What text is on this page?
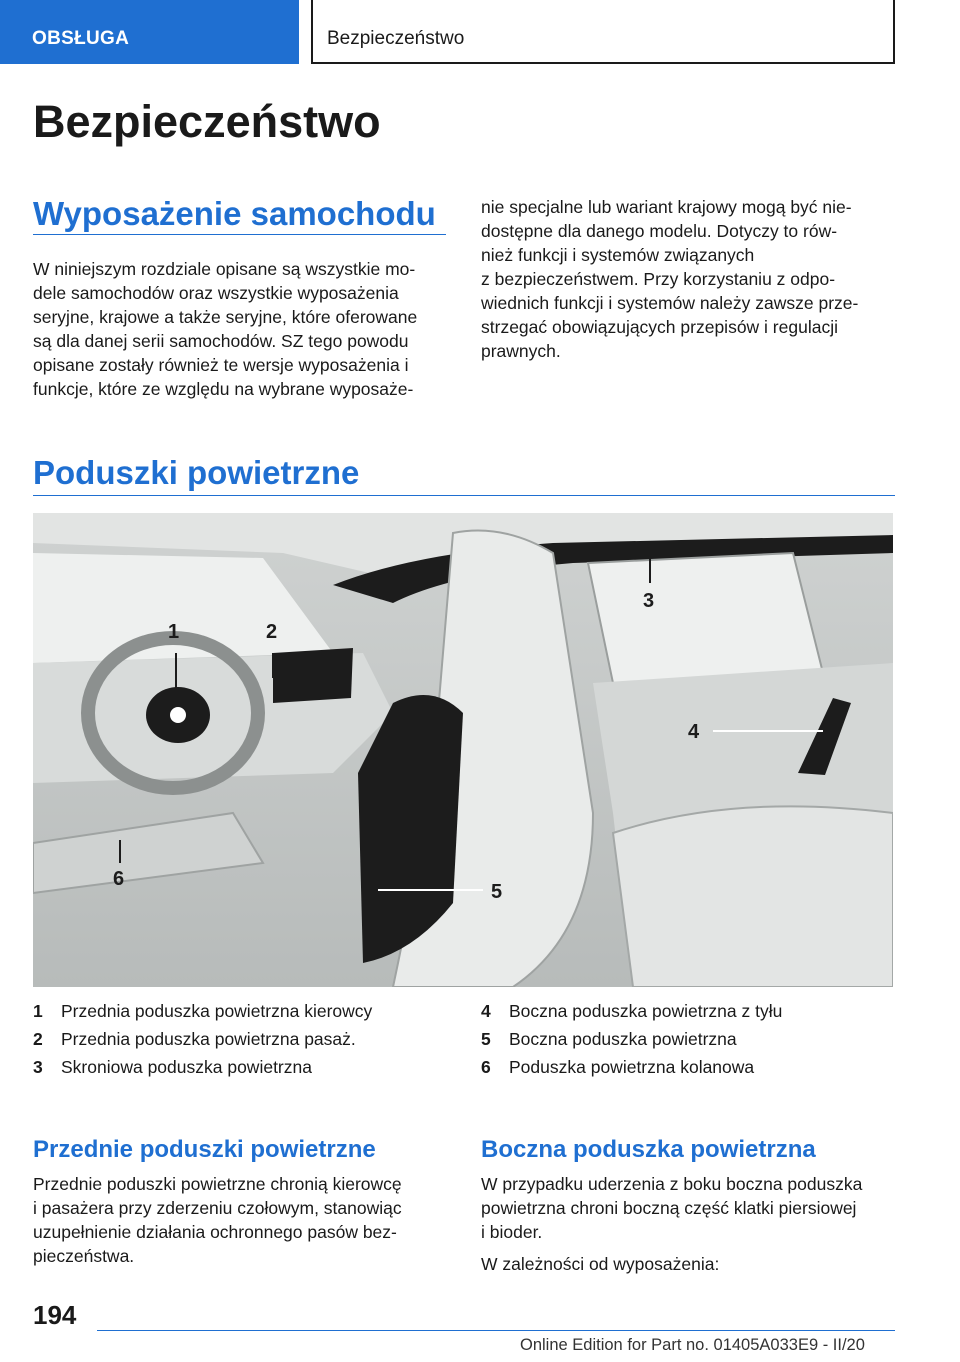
OBSŁUGA	Bezpieczeństwo
Bezpieczeństwo
Wyposażenie samochodu
W niniejszym rozdziale opisane są wszystkie mo‐
dele samochodów oraz wszystkie wyposażenia
seryjne, krajowe a także seryjne, które oferowane
są dla danej serii samochodów. SZ tego powodu
opisane zostały również te wersje wyposażenia i
funkcje, które ze względu na wybrane wyposaże‐
nie specjalne lub wariant krajowy mogą być nie‐
dostępne dla danego modelu. Dotyczy to rów‐
nież funkcji i systemów związanych
z bezpieczeństwem. Przy korzystaniu z odpo‐
wiednich funkcji i systemów należy zawsze prze‐
strzegać obowiązujących przepisów i regulacji
prawnych.
Poduszki powietrzne
1	2
3
4
5
6
1	Przednia poduszka powietrzna kierowcy
2	Przednia poduszka powietrzna pasaż.
3	Skroniowa poduszka powietrzna
4	Boczna poduszka powietrzna z tyłu
5	Boczna poduszka powietrzna
6	Poduszka powietrzna kolanowa
Przednie poduszki powietrzne
Przednie poduszki powietrzne chronią kierowcę
i pasażera przy zderzeniu czołowym, stanowiąc
uzupełnienie działania ochronnego pasów bez‐
pieczeństwa.
Boczna poduszka powietrzna
W przypadku uderzenia z boku boczna poduszka
powietrzna chroni boczną część klatki piersiowej
i bioder.
W zależności od wyposażenia:
194
Online Edition for Part no. 01405A033E9 - II/20
